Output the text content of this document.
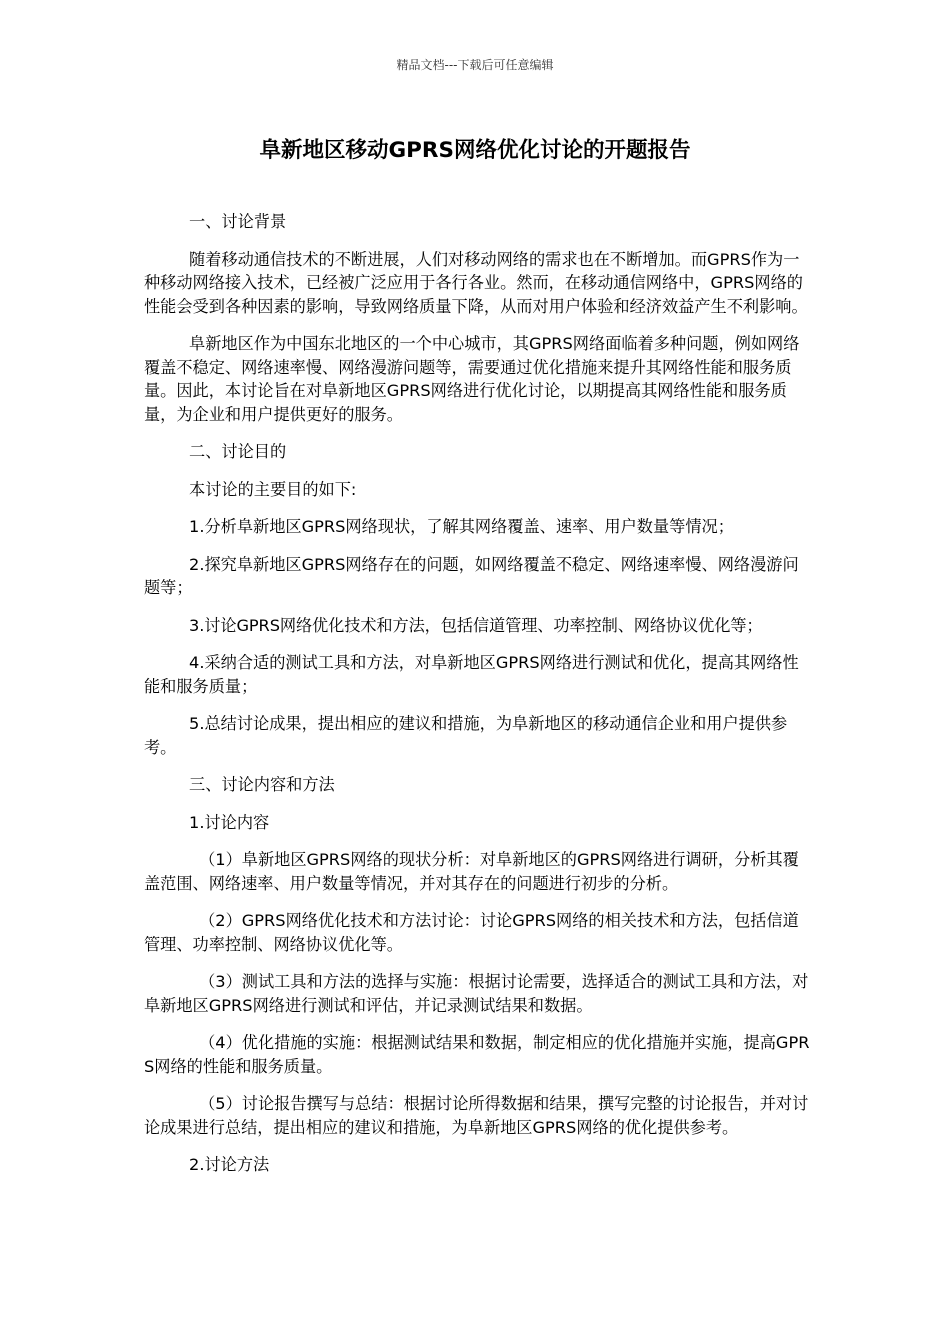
精品文档---下载后可任意编辑
阜新地区移动GPRS网络优化讨论的开题报告

一、讨论背景

随着移动通信技术的不断进展，人们对移动网络的需求也在不断增加。而GPRS作为一种移动网络接入技术，已经被广泛应用于各行各业。然而，在移动通信网络中，GPRS网络的性能会受到各种因素的影响，导致网络质量下降，从而对用户体验和经济效益产生不利影响。

阜新地区作为中国东北地区的一个中心城市，其GPRS网络面临着多种问题，例如网络覆盖不稳定、网络速率慢、网络漫游问题等，需要通过优化措施来提升其网络性能和服务质量。因此，本讨论旨在对阜新地区GPRS网络进行优化讨论，以期提高其网络性能和服务质量，为企业和用户提供更好的服务。

二、讨论目的

本讨论的主要目的如下:

1.分析阜新地区GPRS网络现状，了解其网络覆盖、速率、用户数量等情况；

2.探究阜新地区GPRS网络存在的问题，如网络覆盖不稳定、网络速率慢、网络漫游问题等；

3.讨论GPRS网络优化技术和方法，包括信道管理、功率控制、网络协议优化等；

4.采纳合适的测试工具和方法，对阜新地区GPRS网络进行测试和优化，提高其网络性能和服务质量；

5.总结讨论成果，提出相应的建议和措施，为阜新地区的移动通信企业和用户提供参考。

三、讨论内容和方法

1.讨论内容

（1）阜新地区GPRS网络的现状分析：对阜新地区的GPRS网络进行调研，分析其覆盖范围、网络速率、用户数量等情况，并对其存在的问题进行初步的分析。

（2）GPRS网络优化技术和方法讨论：讨论GPRS网络的相关技术和方法，包括信道管理、功率控制、网络协议优化等。

（3）测试工具和方法的选择与实施：根据讨论需要，选择适合的测试工具和方法，对阜新地区GPRS网络进行测试和评估，并记录测试结果和数据。

（4）优化措施的实施：根据测试结果和数据，制定相应的优化措施并实施，提高GPRS网络的性能和服务质量。

（5）讨论报告撰写与总结：根据讨论所得数据和结果，撰写完整的讨论报告，并对讨论成果进行总结，提出相应的建议和措施，为阜新地区GPRS网络的优化提供参考。

2.讨论方法
